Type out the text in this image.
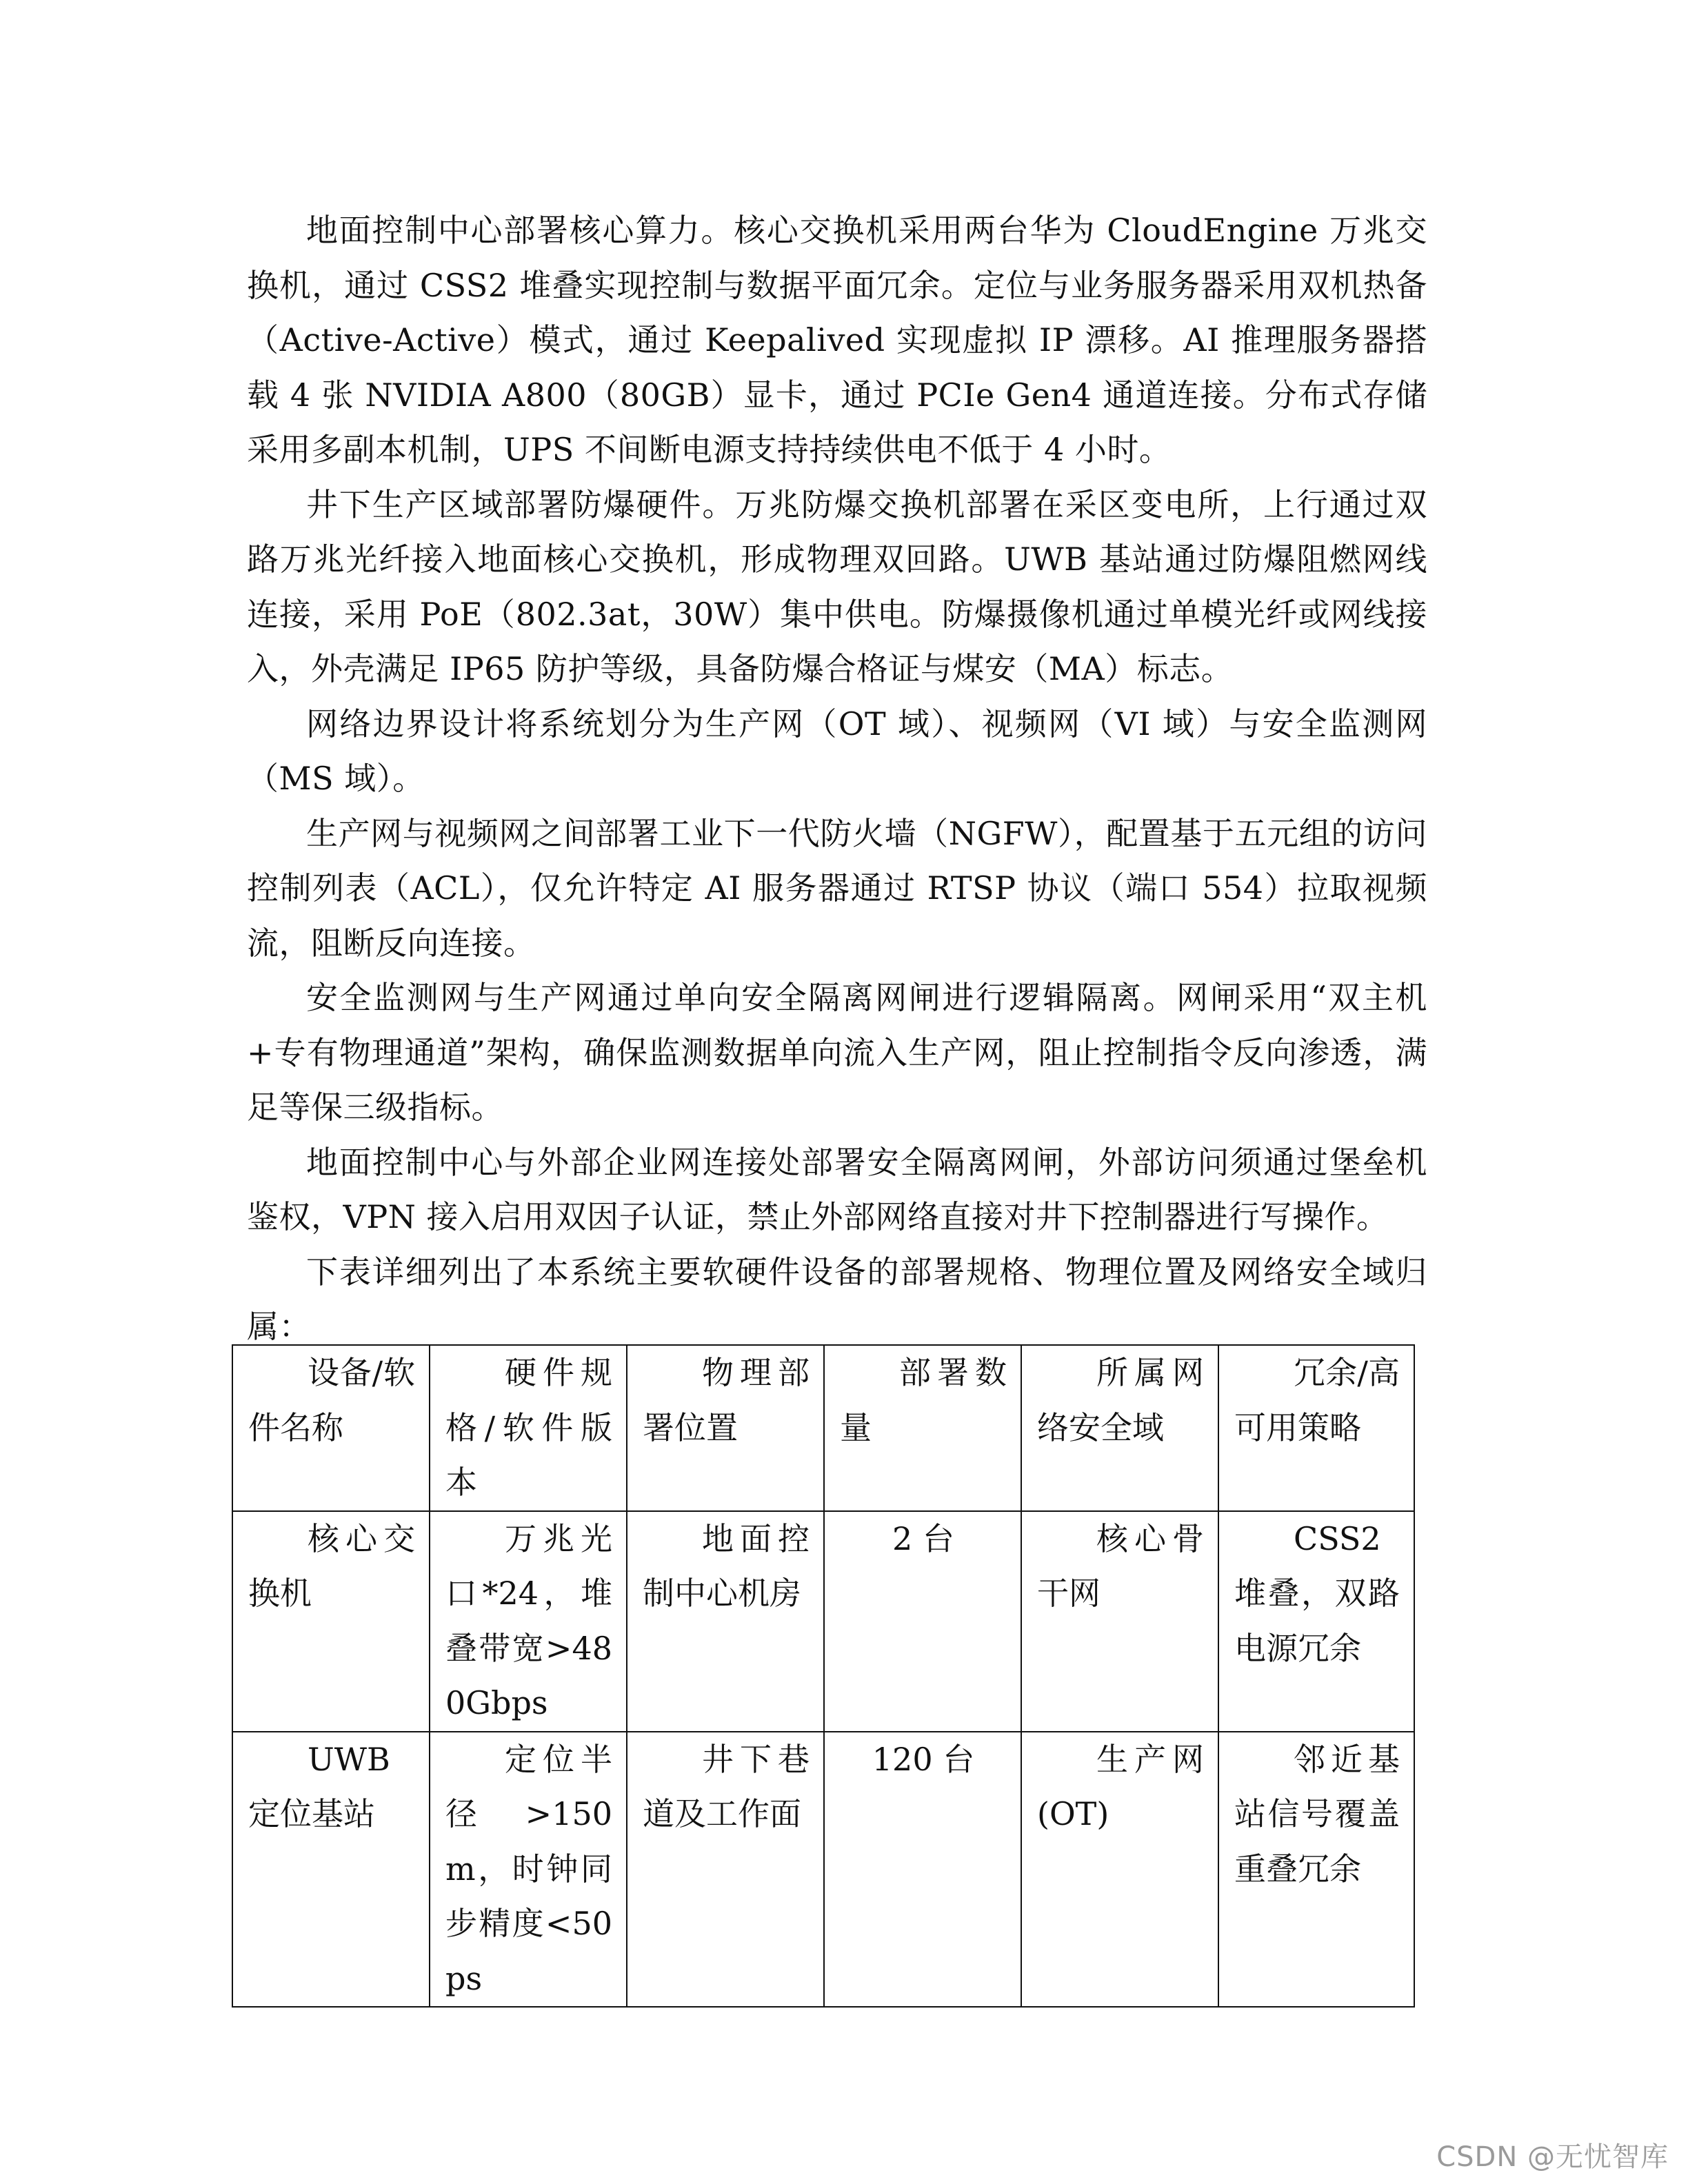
地面控制中心部署核心算力。核心交换机采用两台华为 CloudEngine 万兆交换机，通过 CSS2 堆叠实现控制与数据平面冗余。定位与业务服务器采用双机热备（Active-Active）模式，通过 Keepalived 实现虚拟 IP 漂移。AI 推理服务器搭载 4 张 NVIDIA A800（80GB）显卡，通过 PCIe Gen4 通道连接。分布式存储采用多副本机制，UPS 不间断电源支持持续供电不低于 4 小时。

井下生产区域部署防爆硬件。万兆防爆交换机部署在采区变电所，上行通过双路万兆光纤接入地面核心交换机，形成物理双回路。UWB 基站通过防爆阻燃网线连接，采用 PoE（802.3at，30W）集中供电。防爆摄像机通过单模光纤或网线接入，外壳满足 IP65 防护等级，具备防爆合格证与煤安（MA）标志。

网络边界设计将系统划分为生产网（OT 域）、视频网（VI 域）与安全监测网（MS 域）。

生产网与视频网之间部署工业下一代防火墙（NGFW），配置基于五元组的访问控制列表（ACL），仅允许特定 AI 服务器通过 RTSP 协议（端口 554）拉取视频流，阻断反向连接。

安全监测网与生产网通过单向安全隔离网闸进行逻辑隔离。网闸采用“双主机+专有物理通道”架构，确保监测数据单向流入生产网，阻止控制指令反向渗透，满足等保三级指标。

地面控制中心与外部企业网连接处部署安全隔离网闸，外部访问须通过堡垒机鉴权，VPN 接入启用双因子认证，禁止外部网络直接对井下控制器进行写操作。

下表详细列出了本系统主要软硬件设备的部署规格、物理位置及网络安全域归属：

设备/软件名称	硬件规格/软件版本	物理部署位置	部署数量	所属网络安全域	冗余/高可用策略

核心交换机	万兆光口*24，堆叠带宽>480Gbps	地面控制中心机房	2 台	核心骨干网	CSS2 堆叠，双路电源冗余

UWB 定位基站	定位半径 >150m，时钟同步精度<50ps	井下巷道及工作面	120 台	生产网(OT)	邻近基站信号覆盖重叠冗余
CSDN @无忧智库
